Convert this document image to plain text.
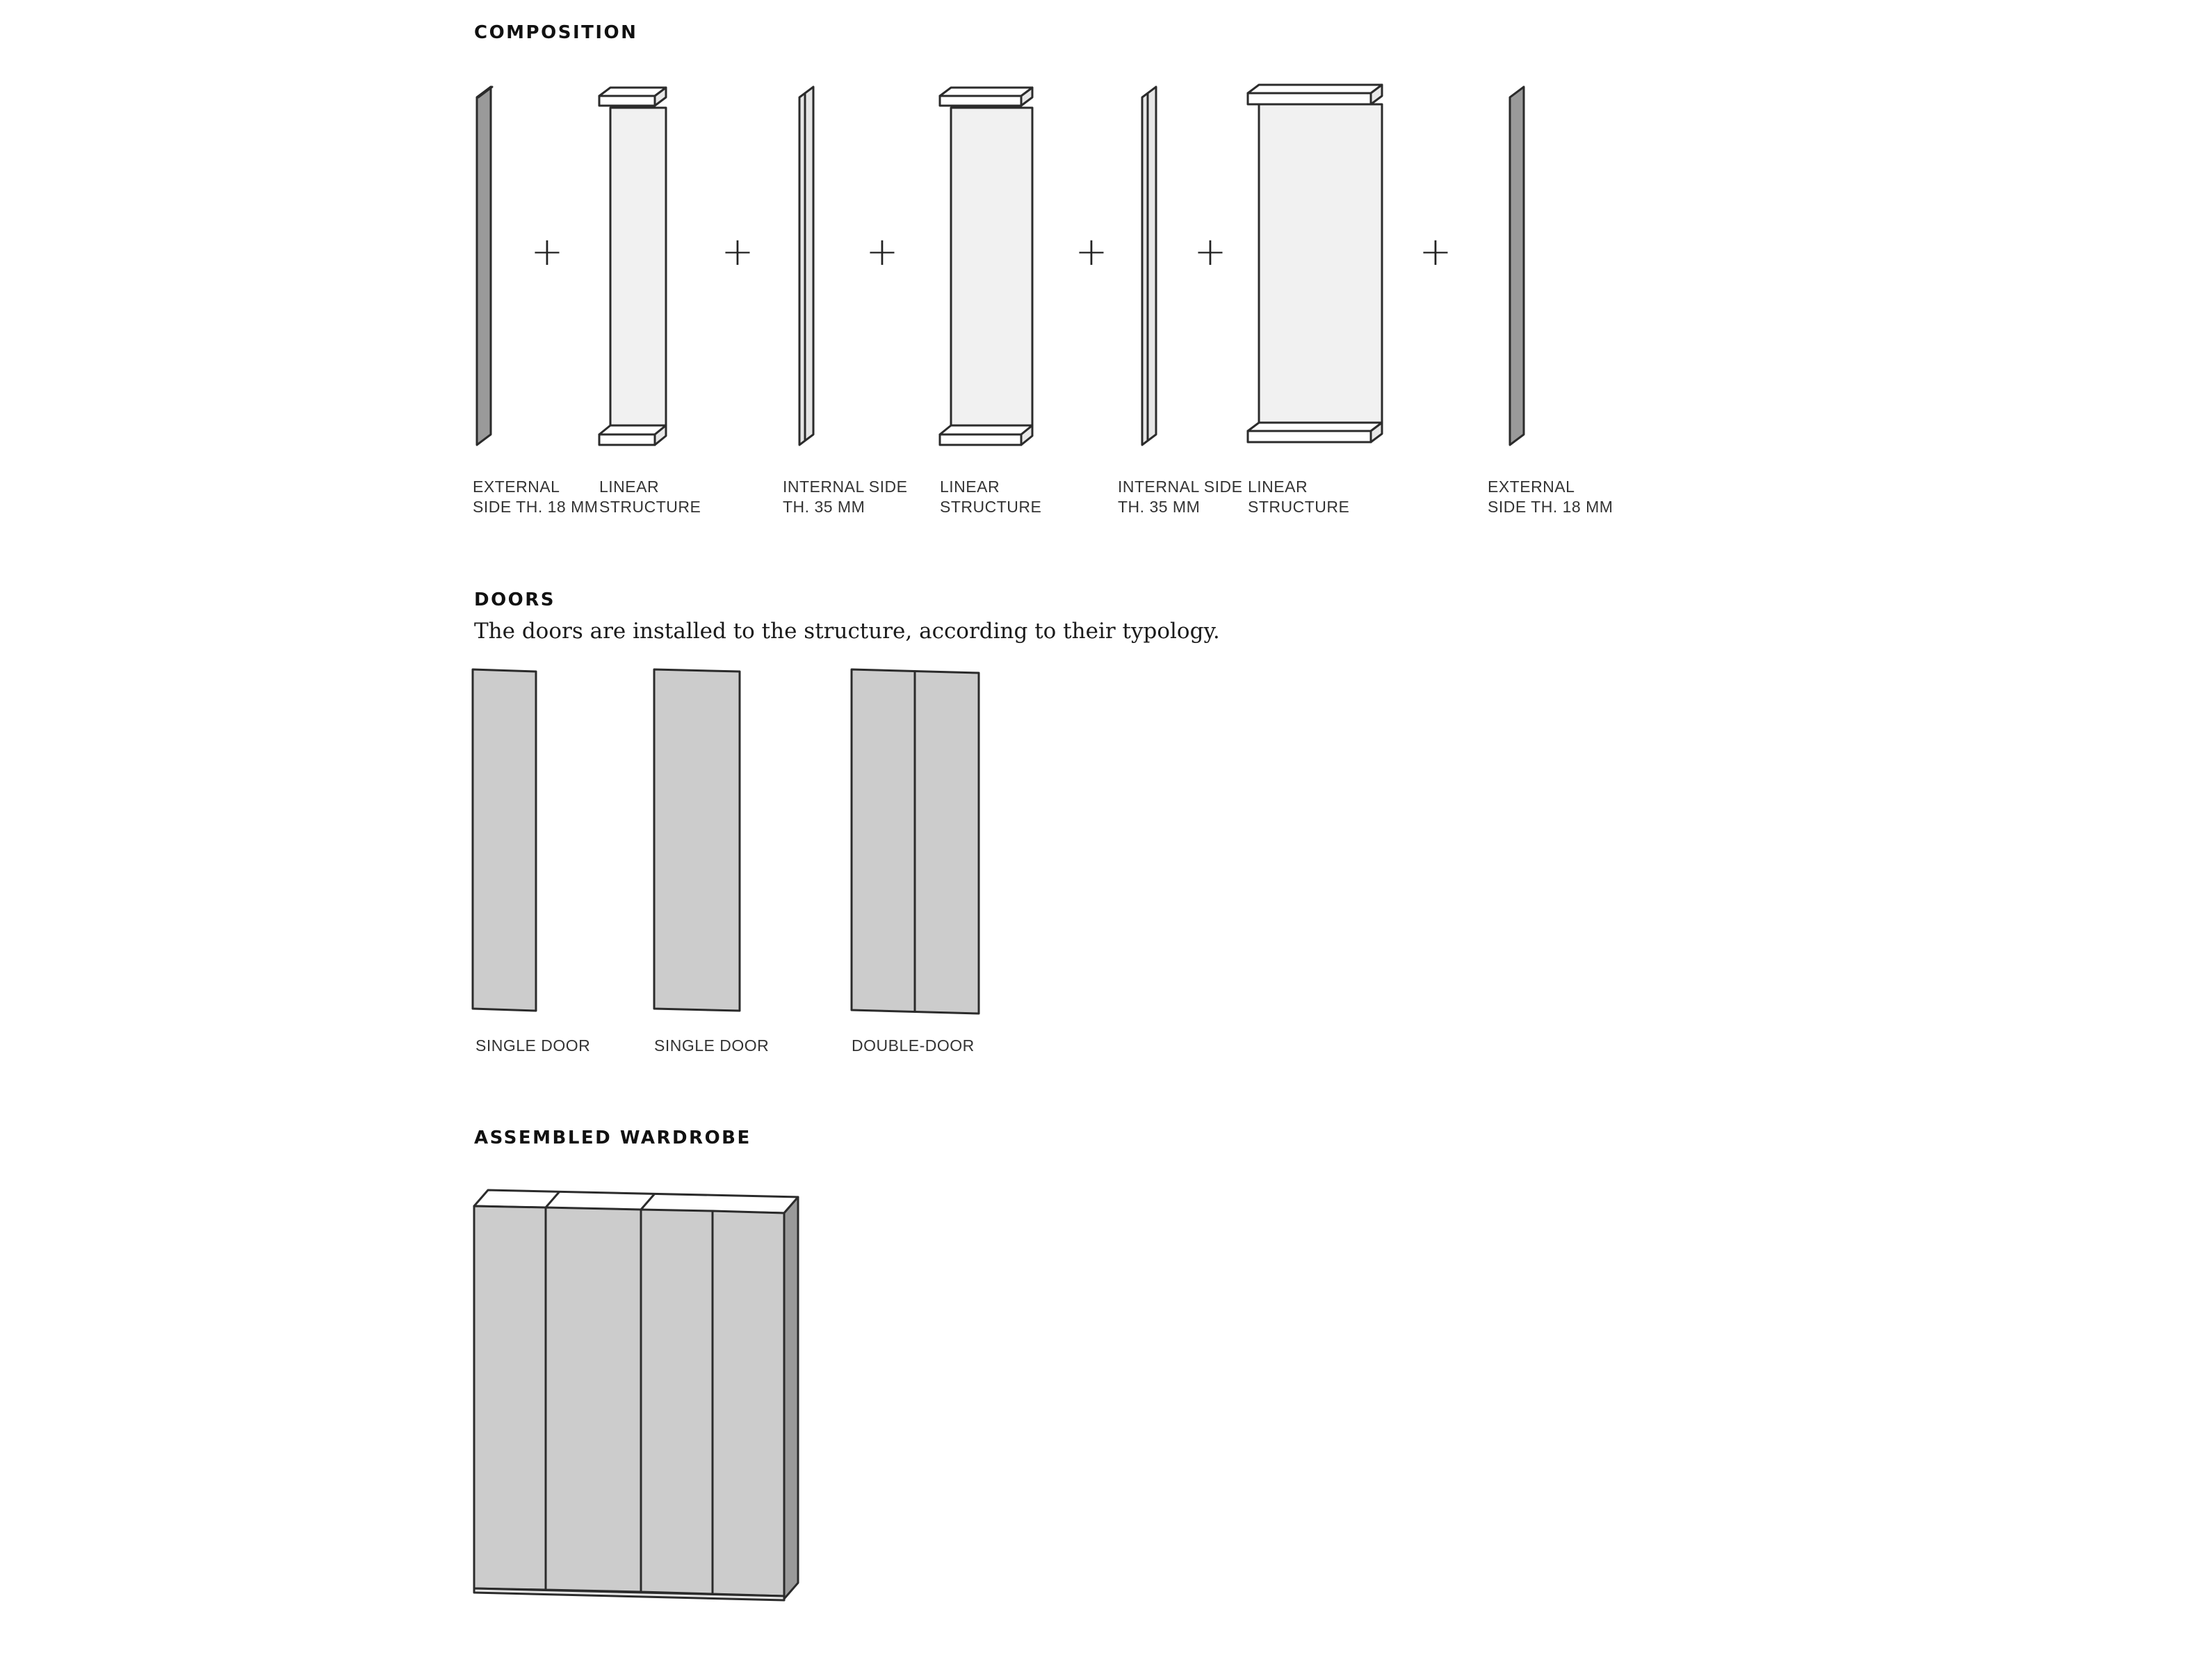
COMPOSITION
+	+	+	+ +	+
EXTERNAL
SIDE TH. 18 MM
LINEAR
STRUCTURE
INTERNAL SIDE
TH. 35 MM
LINEAR
STRUCTURE
INTERNAL SIDE
TH. 35 MM
LINEAR
STRUCTURE
EXTERNAL
SIDE TH. 18 MM
DOORS

The doors are installed to the structure, according to their typology.

SINGLE DOOR	SINGLE DOOR	DOUBLE-DOOR
ASSEMBLED WARDROBE
